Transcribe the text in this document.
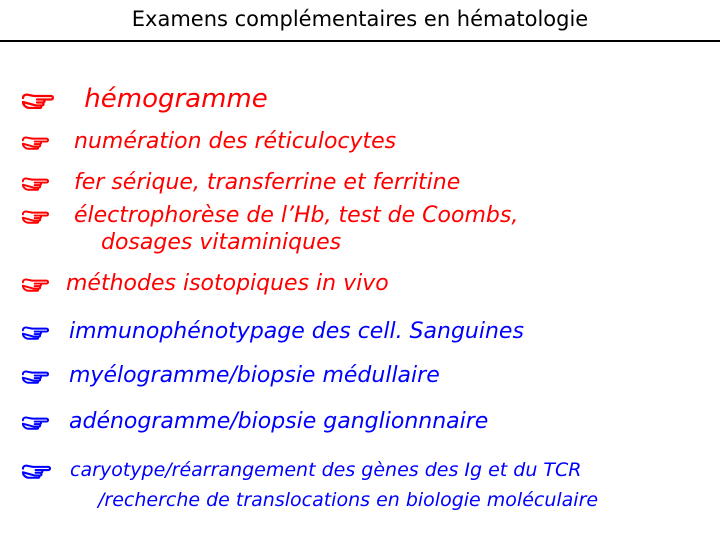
Examens complémentaires en hématologie
hémogramme
numération des réticulocytes
fer sérique, transferrine et ferritine
électrophorèse de l’Hb, test de Coombs,
dosages vitaminiques
méthodes isotopiques in vivo
immunophénotypage des cell. Sanguines
myélogramme/biopsie médullaire
adénogramme/biopsie ganglionnnaire
caryotype/réarrangement des gènes des Ig et du TCR
/recherche de translocations en biologie moléculaire
